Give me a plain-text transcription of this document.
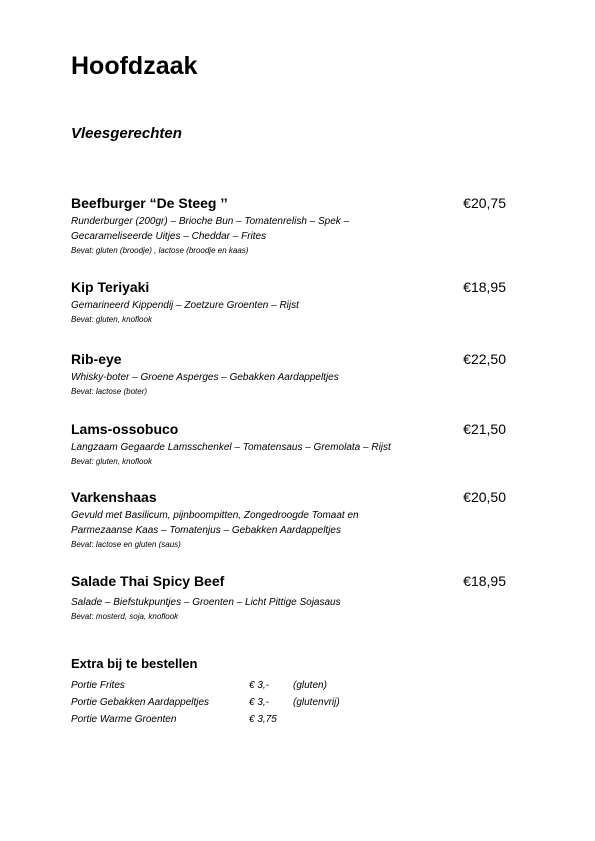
Hoofdzaak
Vleesgerechten
Beefburger “De Steeg ’’	€20,75
Runderburger (200gr) – Brioche Bun – Tomatenrelish – Spek –
Gecarameliseerde Uitjes – Cheddar – Frites
Bevat: gluten (broodje) , lactose (broodje en kaas)
Kip Teriyaki	€18,95
Gemarineerd Kippendij – Zoetzure Groenten – Rijst
Bevat: gluten, knoflook
Rib-eye	€22,50
Whisky-boter – Groene Asperges – Gebakken Aardappeltjes
Bevat: lactose (boter)
Lams-ossobuco	€21,50
Langzaam Gegaarde Lamsschenkel – Tomatensaus – Gremolata – Rijst
Bevat: gluten, knoflook
Varkenshaas	€20,50
Gevuld met Basilicum, pijnboompitten, Zongedroogde Tomaat en
Parmezaanse Kaas – Tomatenjus – Gebakken Aardappeltjes
Bevat: lactose en gluten (saus)
Salade Thai Spicy Beef	€18,95
Salade – Biefstukpuntjes – Groenten – Licht Pittige Sojasaus
Bevat: mosterd, soja, knoflook
Extra bij te bestellen
Portie Frites	€ 3,- (gluten)
Portie Gebakken Aardappeltjes	€ 3,- (glutenvrij)
Portie Warme Groenten	€ 3,75
